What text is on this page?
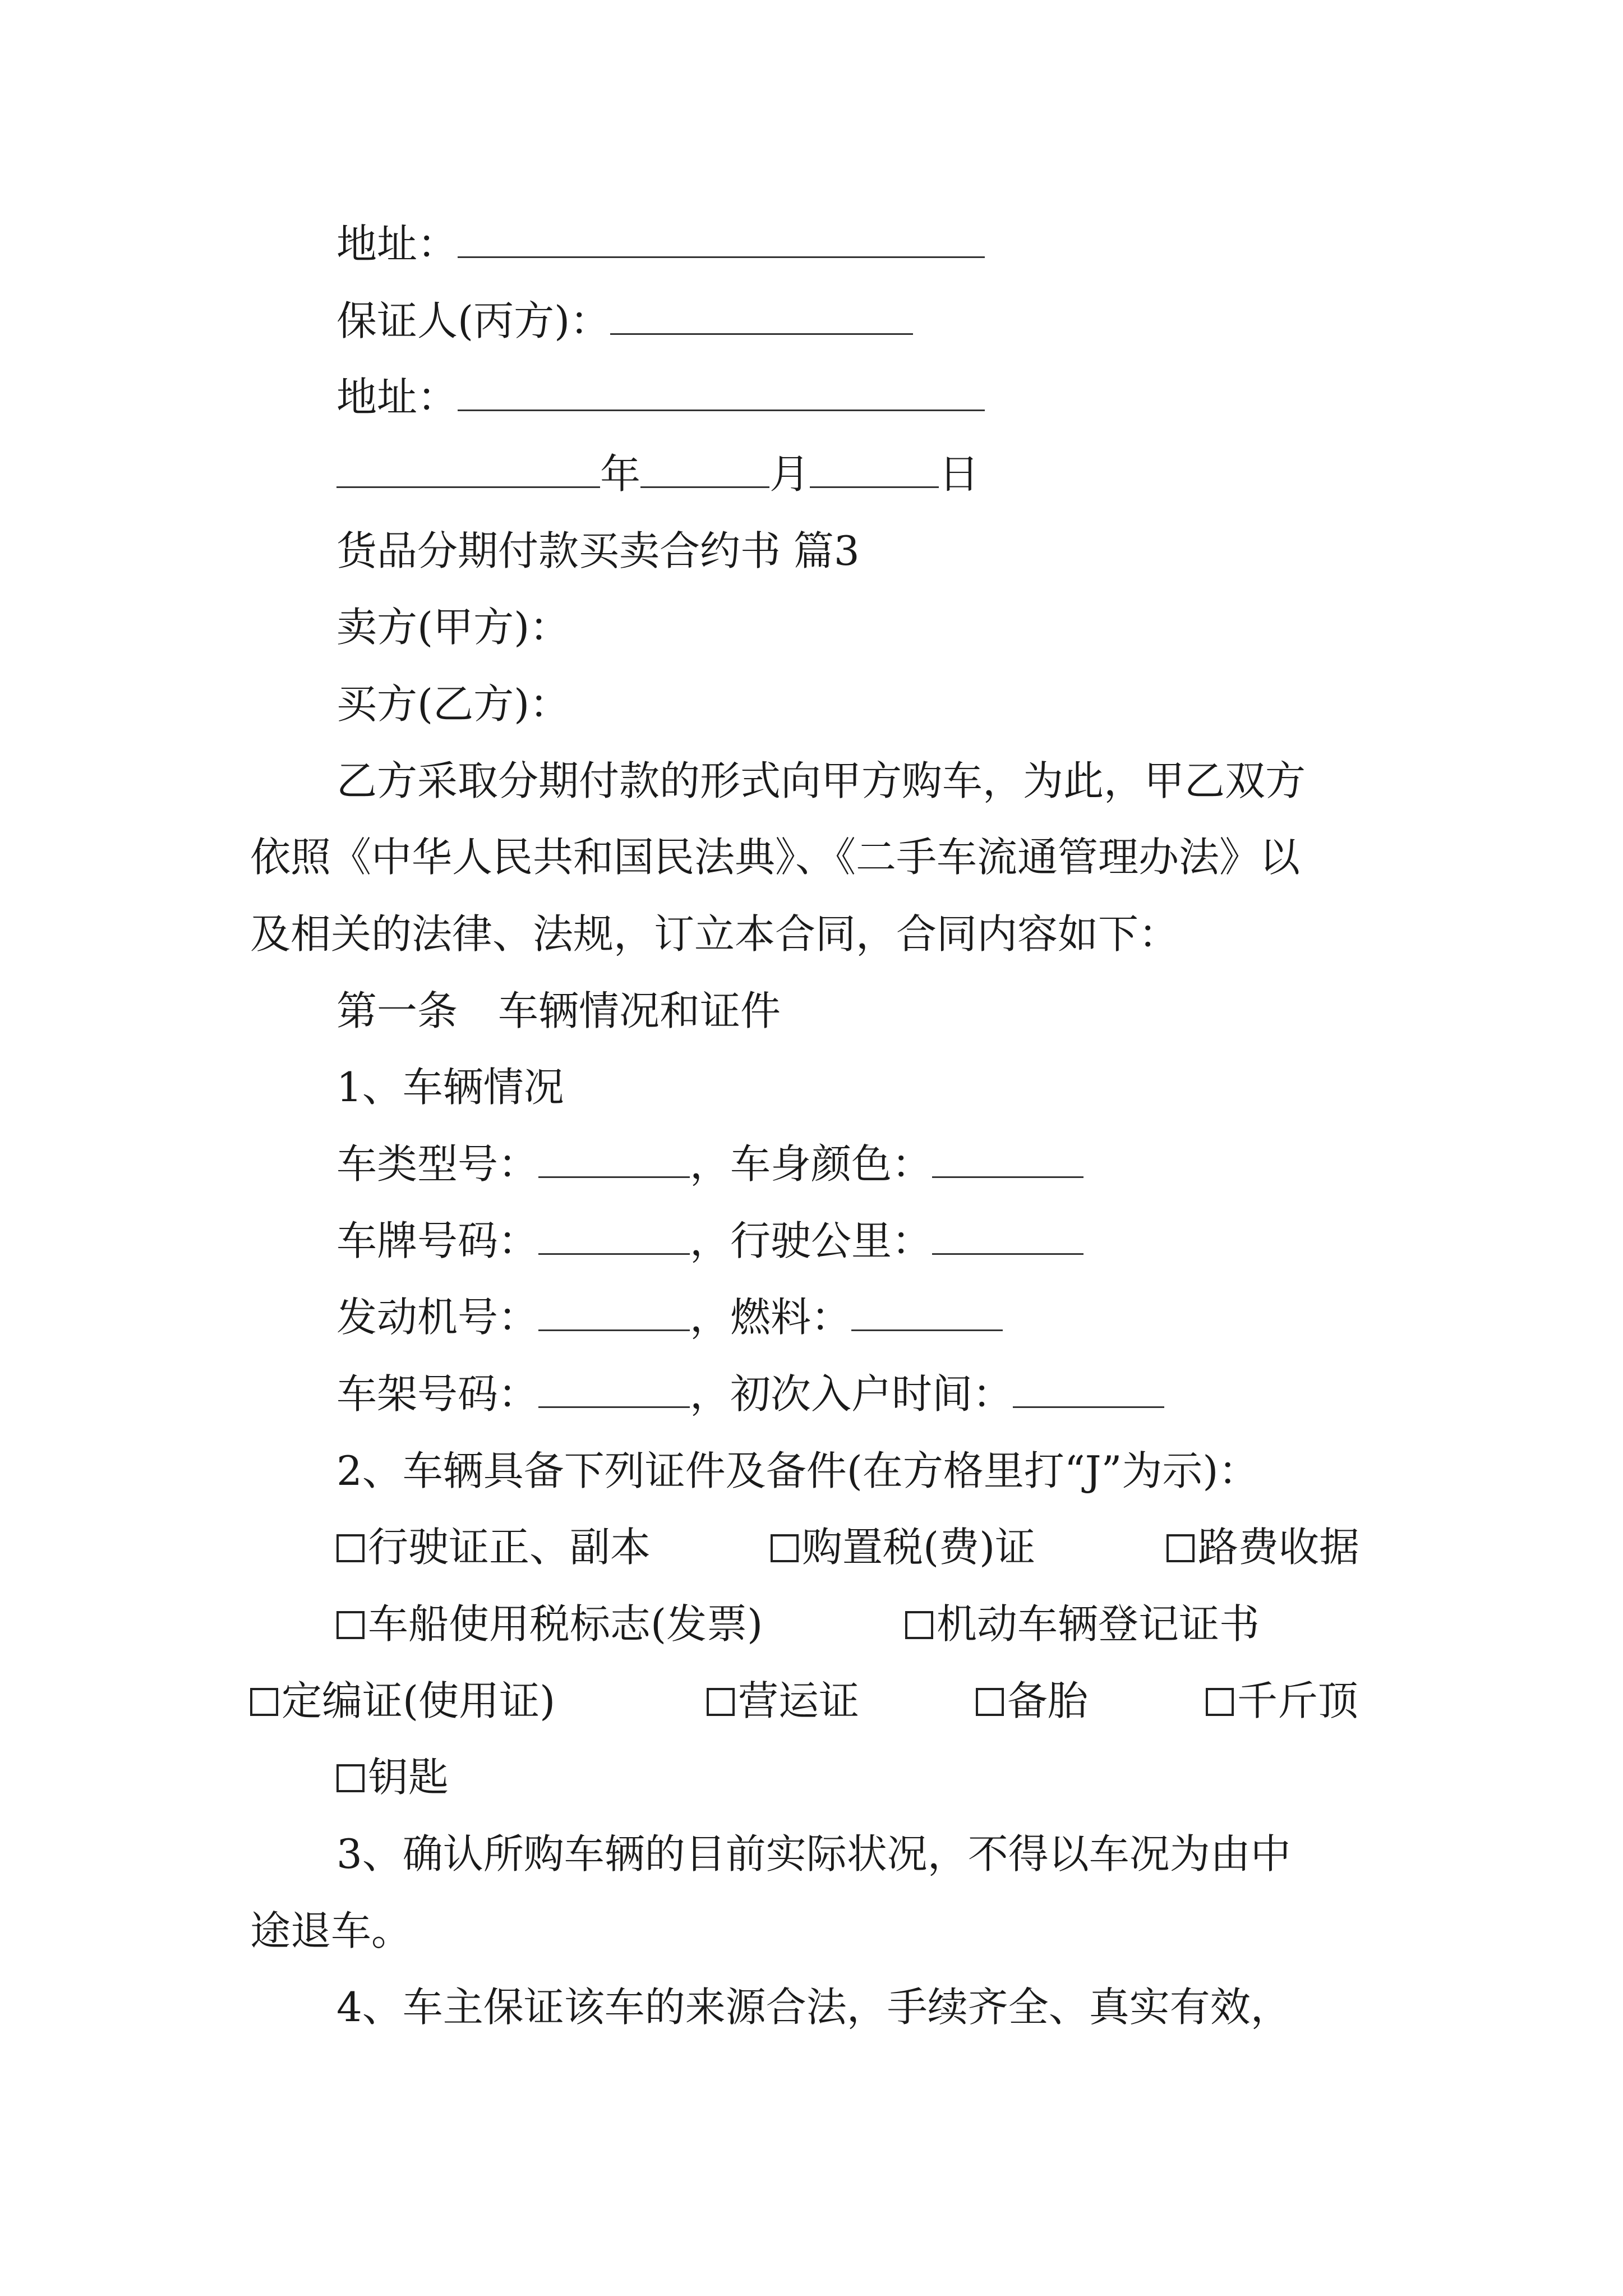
地址：
保证人(丙方)：
地址：
年	月	日
货品分期付款买卖合约书 篇3
卖方(甲方)：
买方(乙方)：
乙方采取分期付款的形式向甲方购车，为此，甲乙双方
依照《中华人民共和国民法典》、《二手车流通管理办法》以
及相关的法律、法规，订立本合同，合同内容如下：
第一条　车辆情况和证件
1、车辆情况
车类型号：	，车身颜色：
车牌号码：	，行驶公里：
发动机号：	，燃料：
车架号码：	，初次入户时间：
2、车辆具备下列证件及备件(在方格里打“J”为示)：
行驶证正、副本	购置税(费)证	路费收据
车船使用税标志(发票)	机动车辆登记证书
定编证(使用证)	营运证	备胎	千斤顶
钥匙
3、确认所购车辆的目前实际状况，不得以车况为由中
途退车。
4、车主保证该车的来源合法，手续齐全、真实有效，
